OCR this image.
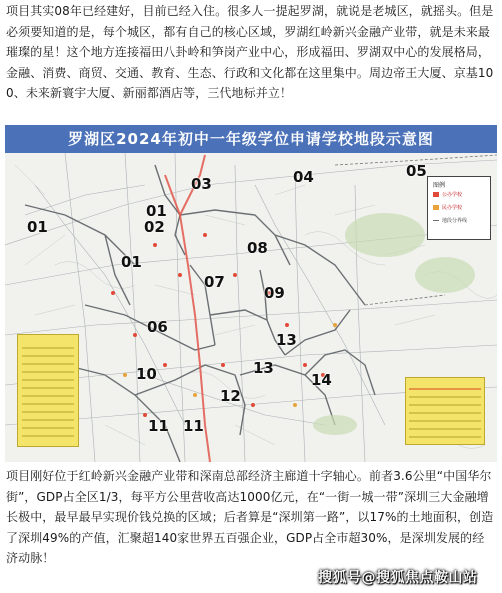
项目其实08年已经建好，目前已经入住。很多人一提起罗湖，就说是老城区，就摇头。但是必须要知道的是，每个城区，都有自己的核心区域，罗湖红岭新兴金融产业带，就是未来最璀璨的星！这个地方连接福田八卦岭和笋岗产业中心，形成福田、罗湖双中心的发展格局，金融、消费、商贸、交通、教育、生态、行政和文化都在这里集中。周边帝王大厦、京基100、未来新寰宇大厦、新丽都酒店等，三代地标并立！
罗湖区2024年初中一年级学位申请学校地段示意图
01
01
01
02
03	04	05
06
07
08
09
10
11 11
12
13
13
14
图例
公办学校
民办学校
地段分界线
项目刚好位于红岭新兴金融产业带和深南总部经济主廊道十字轴心。前者3.6公里“中国华尔街”，GDP占全区1/3，每平方公里营收高达1000亿元，在“一街一城一带”深圳三大金融增长极中，最早最早实现价钱兑换的区域；后者算是“深圳第一路”，以17%的土地面积，创造了深圳49%的产值，汇聚超140家世界五百强企业，GDP占全市超30%，是深圳发展的经济动脉！
搜狐号@搜狐焦点鞍山站
